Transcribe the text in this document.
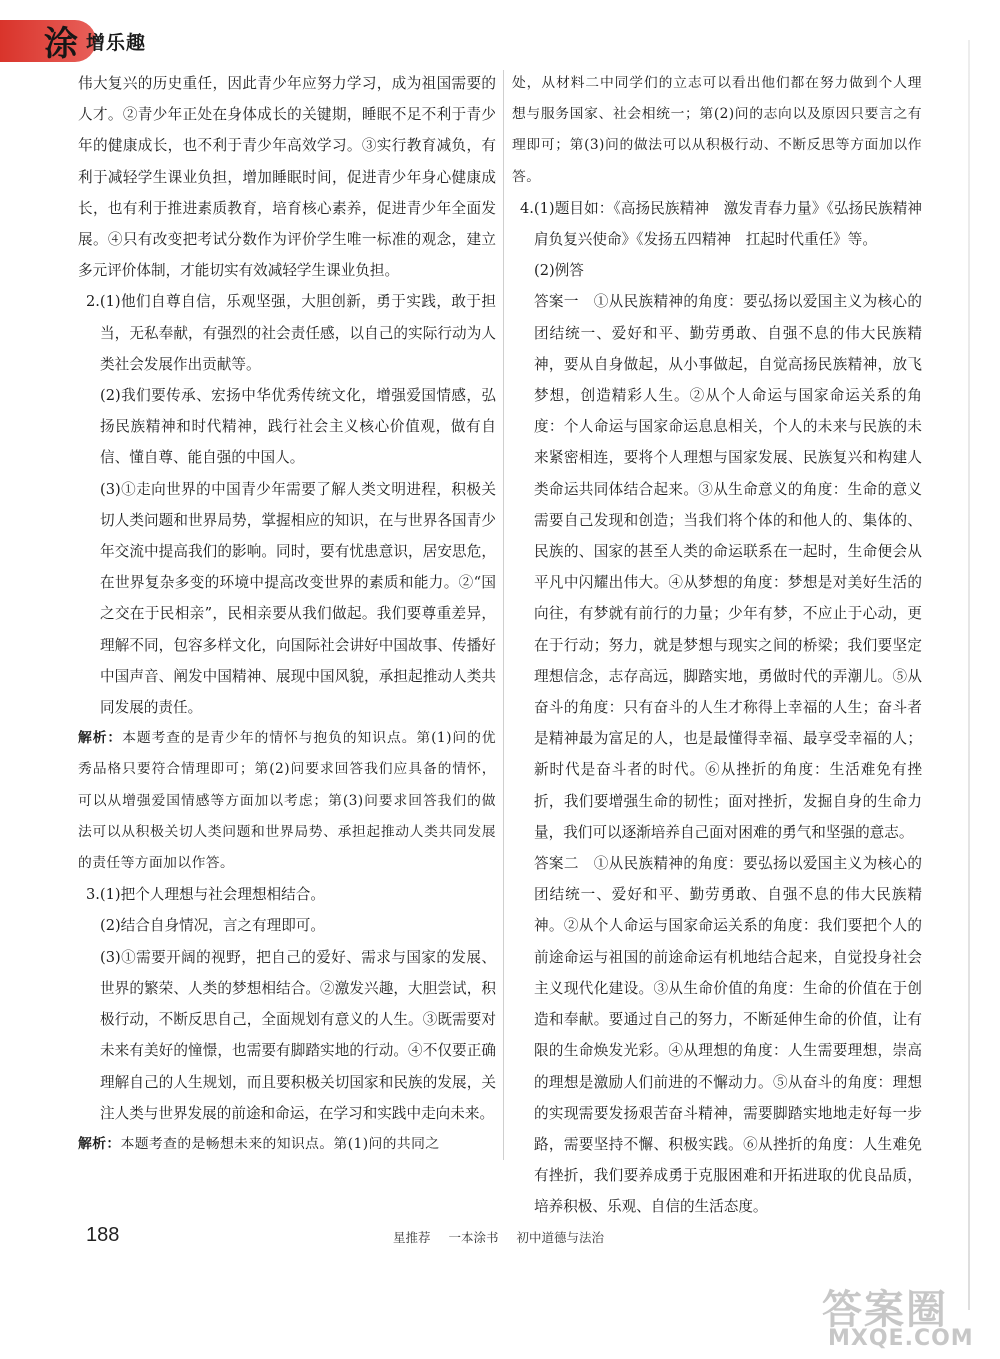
涂 增乐趣

伟大复兴的历史重任，因此青少年应努力学习，成为祖国需要的人才。②青少年正处在身体成长的关键期，睡眠不足不利于青少年的健康成长，也不利于青少年高效学习。③实行教育减负，有利于减轻学生课业负担，增加睡眠时间，促进青少年身心健康成长，也有利于推进素质教育，培育核心素养，促进青少年全面发展。④只有改变把考试分数作为评价学生唯一标准的观念，建立多元评价体制，才能切实有效减轻学生课业负担。

2.(1)他们自尊自信，乐观坚强，大胆创新，勇于实践，敢于担当，无私奉献，有强烈的社会责任感，以自己的实际行动为人类社会发展作出贡献等。

(2)我们要传承、宏扬中华优秀传统文化，增强爱国情感，弘扬民族精神和时代精神，践行社会主义核心价值观，做有自信、懂自尊、能自强的中国人。

(3)①走向世界的中国青少年需要了解人类文明进程，积极关切人类问题和世界局势，掌握相应的知识，在与世界各国青少年交流中提高我们的影响。同时，要有忧患意识，居安思危，在世界复杂多变的环境中提高改变世界的素质和能力。②“国之交在于民相亲”，民相亲要从我们做起。我们要尊重差异，理解不同，包容多样文化，向国际社会讲好中国故事、传播好中国声音、阐发中国精神、展现中国风貌，承担起推动人类共同发展的责任。

解析：本题考查的是青少年的情怀与抱负的知识点。第(1)问的优秀品格只要符合情理即可；第(2)问要求回答我们应具备的情怀，可以从增强爱国情感等方面加以考虑；第(3)问要求回答我们的做法可以从积极关切人类问题和世界局势、承担起推动人类共同发展的责任等方面加以作答。

3.(1)把个人理想与社会理想相结合。

(2)结合自身情况，言之有理即可。

(3)①需要开阔的视野，把自己的爱好、需求与国家的发展、世界的繁荣、人类的梦想相结合。②激发兴趣，大胆尝试，积极行动，不断反思自己，全面规划有意义的人生。③既需要对未来有美好的憧憬，也需要有脚踏实地的行动。④不仅要正确理解自己的人生规划，而且要积极关切国家和民族的发展，关注人类与世界发展的前途和命运，在学习和实践中走向未来。

解析：本题考查的是畅想未来的知识点。第(1)问的共同之

处，从材料二中同学们的立志可以看出他们都在努力做到个人理想与服务国家、社会相统一；第(2)问的志向以及原因只要言之有理即可；第(3)问的做法可以从积极行动、不断反思等方面加以作答。

4.(1)题目如：《高扬民族精神　激发青春力量》《弘扬民族精神　肩负复兴使命》《发扬五四精神　扛起时代重任》等。

(2)例答

答案一　①从民族精神的角度：要弘扬以爱国主义为核心的团结统一、爱好和平、勤劳勇敢、自强不息的伟大民族精神，要从自身做起，从小事做起，自觉高扬民族精神，放飞梦想，创造精彩人生。②从个人命运与国家命运关系的角度：个人命运与国家命运息息相关，个人的未来与民族的未来紧密相连，要将个人理想与国家发展、民族复兴和构建人类命运共同体结合起来。③从生命意义的角度：生命的意义需要自己发现和创造；当我们将个体的和他人的、集体的、民族的、国家的甚至人类的命运联系在一起时，生命便会从平凡中闪耀出伟大。④从梦想的角度：梦想是对美好生活的向往，有梦就有前行的力量；少年有梦，不应止于心动，更在于行动；努力，就是梦想与现实之间的桥梁；我们要坚定理想信念，志存高远，脚踏实地，勇做时代的弄潮儿。⑤从奋斗的角度：只有奋斗的人生才称得上幸福的人生；奋斗者是精神最为富足的人，也是最懂得幸福、最享受幸福的人；新时代是奋斗者的时代。⑥从挫折的角度：生活难免有挫折，我们要增强生命的韧性；面对挫折，发掘自身的生命力量，我们可以逐渐培养自己面对困难的勇气和坚强的意志。

答案二　①从民族精神的角度：要弘扬以爱国主义为核心的团结统一、爱好和平、勤劳勇敢、自强不息的伟大民族精神。②从个人命运与国家命运关系的角度：我们要把个人的前途命运与祖国的前途命运有机地结合起来，自觉投身社会主义现代化建设。③从生命价值的角度：生命的价值在于创造和奉献。要通过自己的努力，不断延伸生命的价值，让有限的生命焕发光彩。④从理想的角度：人生需要理想，崇高的理想是激励人们前进的不懈动力。⑤从奋斗的角度：理想的实现需要发扬艰苦奋斗精神，需要脚踏实地地走好每一步路，需要坚持不懈、积极实践。⑥从挫折的角度：人生难免有挫折，我们要养成勇于克服困难和开拓进取的优良品质，培养积极、乐观、自信的生活态度。

188	星推荐 一本涂书 初中道德与法治
答案圈
MXQE.COM
